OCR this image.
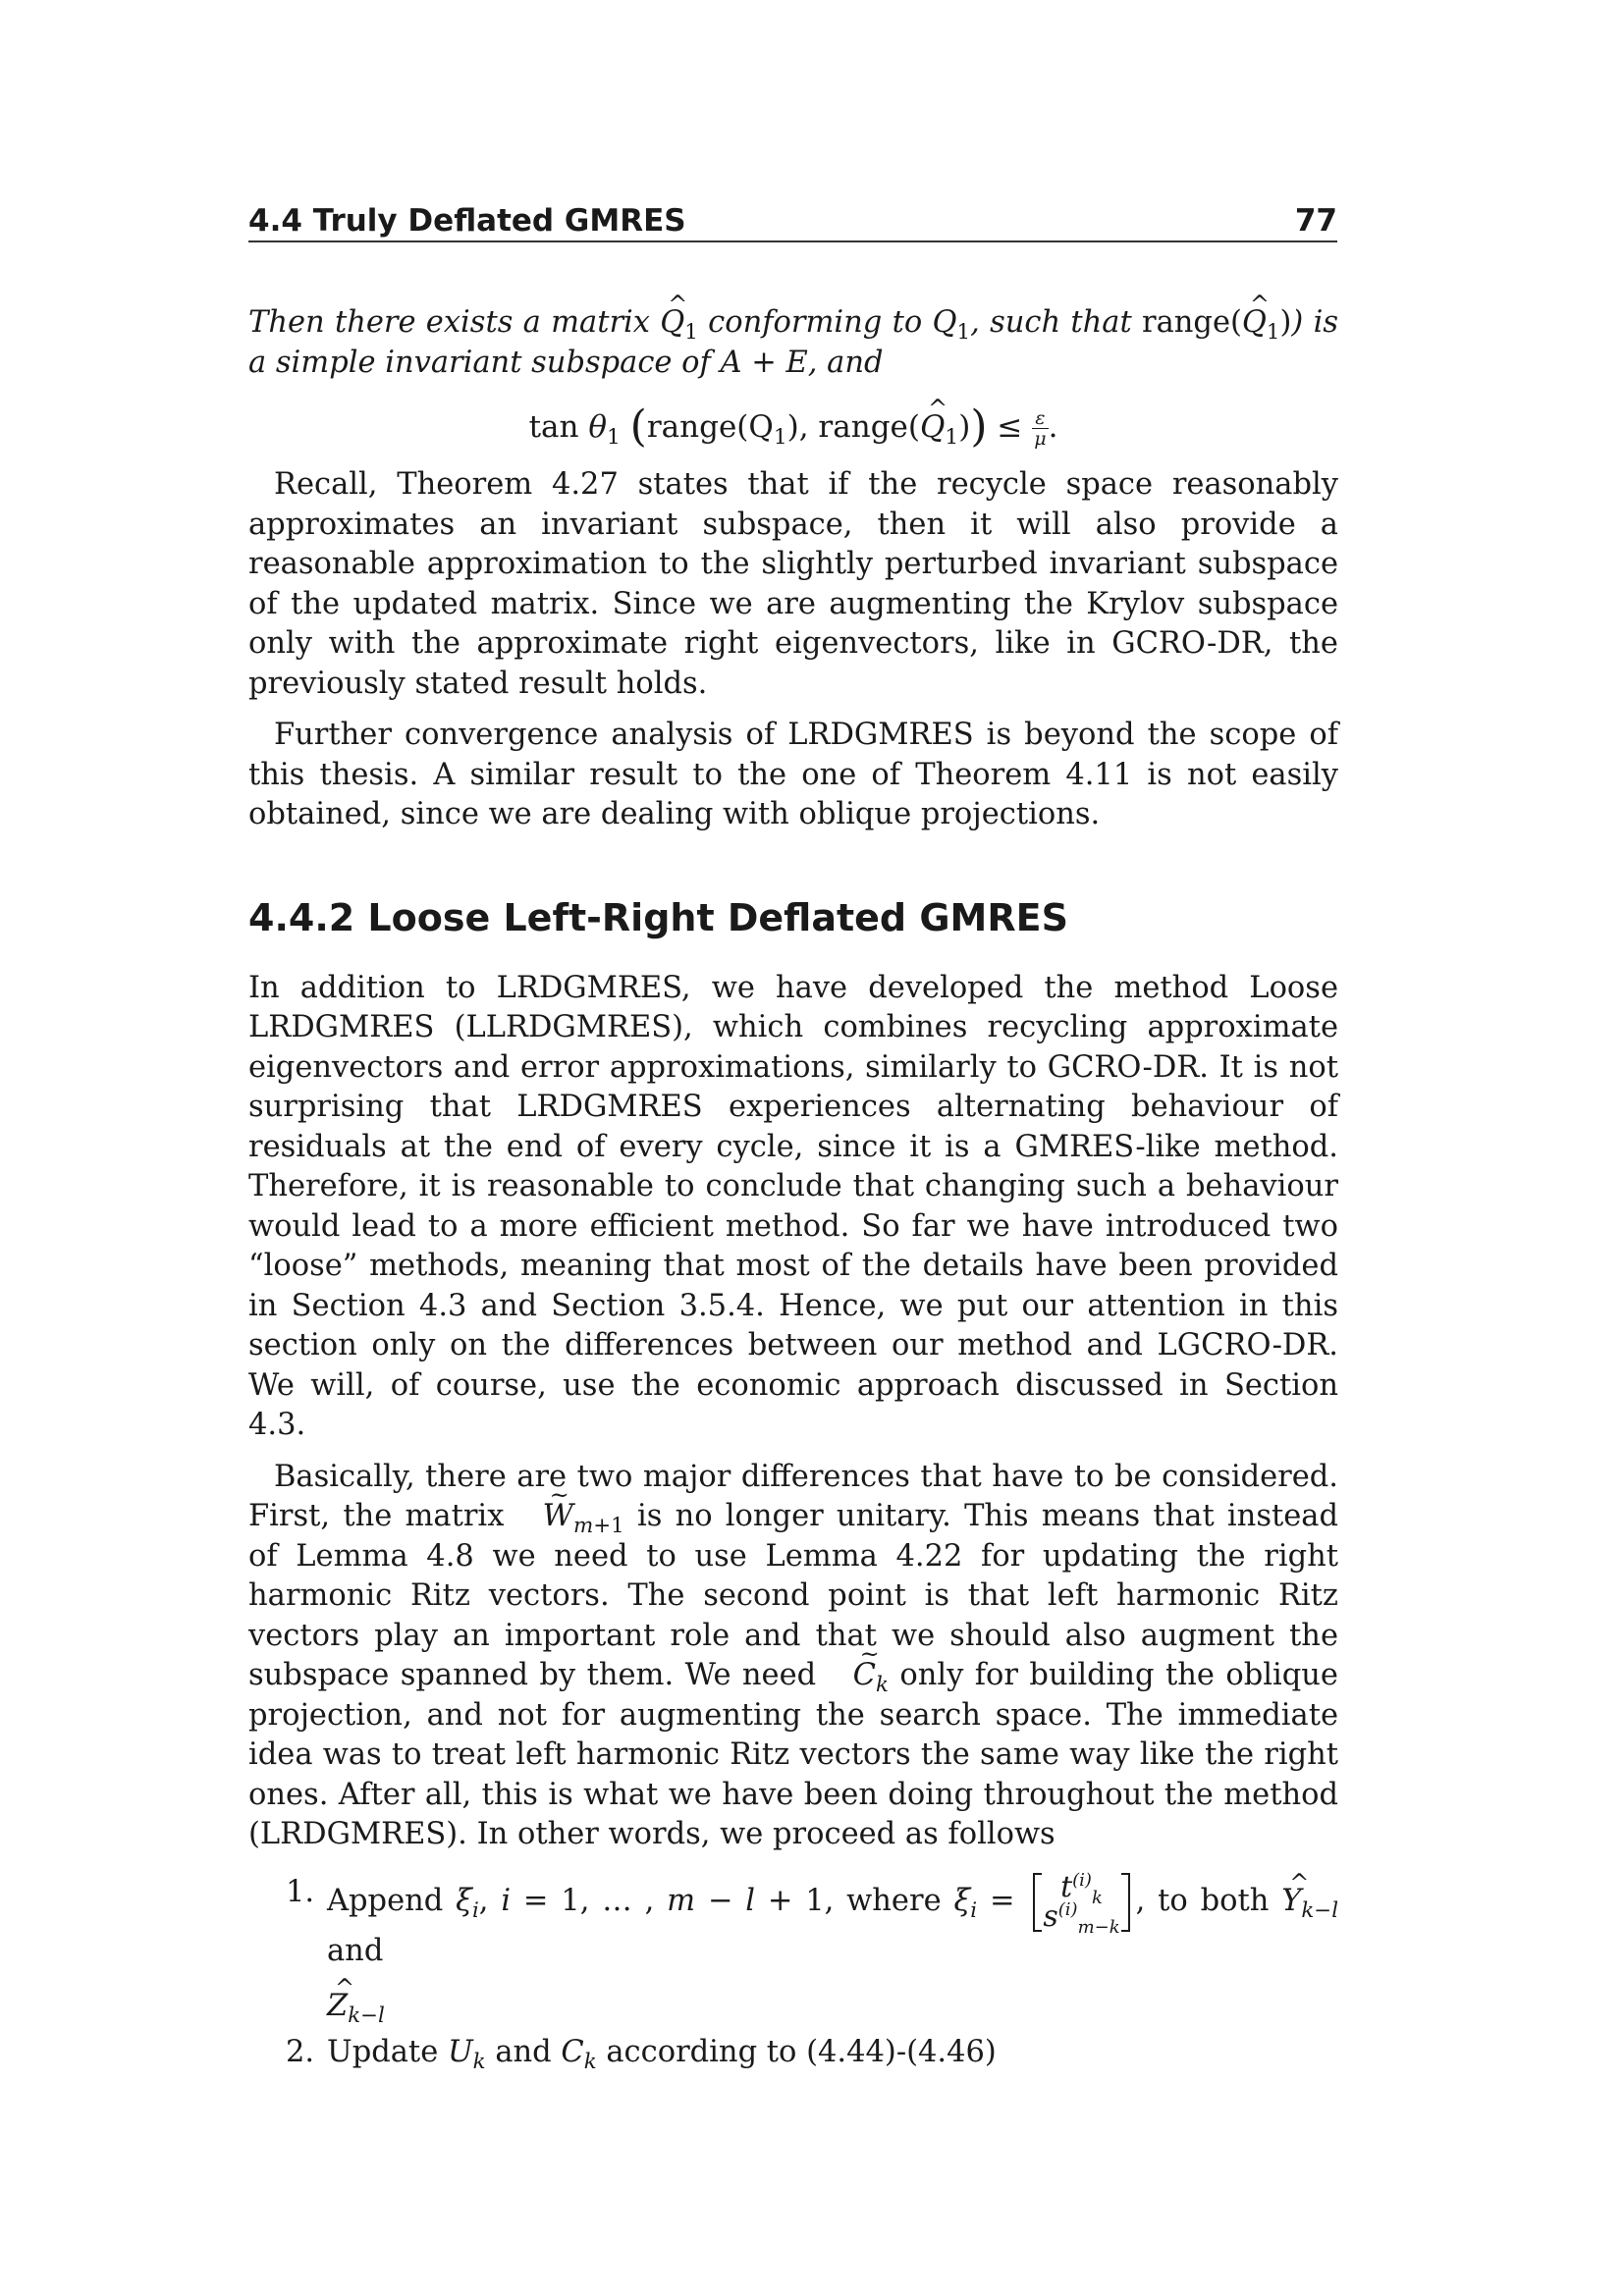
4.4 Truly Deflated GMRES	77

Then there exists a matrix ^ $Q_1$ conforming to $Q_1$, such that range(^ $Q_1$)) is a simple invariant subspace of A + E, and

$\tan \theta_1$ ($range(Q_1)$, range(^ $Q_1)) \le \frac{\varepsilon}{\mu}$ .

Recall, Theorem 4.27 states that if the recycle space reasonably approximates an invariant subspace, then it will also provide a reasonable approximation to the slightly perturbed invariant subspace of the updated matrix. Since we are augmenting the Krylov subspace only with the approximate right eigenvectors, like in GCRO-DR, the previously stated result holds.

Further convergence analysis of LRDGMRES is beyond the scope of this thesis. A similar result to the one of Theorem 4.11 is not easily obtained, since we are dealing with oblique projections.

4.4.2 Loose Left-Right Deflated GMRES

In addition to LRDGMRES, we have developed the method Loose LRDGMRES (LLRDGMRES), which combines recycling approximate eigenvectors and error approximations, similarly to GCRO-DR. It is not surprising that LRDGMRES experiences alternating behaviour of residuals at the end of every cycle, since it is a GMRES-like method. Therefore, it is reasonable to conclude that changing such a behaviour would lead to a more efficient method. So far we have introduced two “loose” methods, meaning that most of the details have been provided in Section 4.3 and Section 3.5.4. Hence, we put our attention in this section only on the differences between our method and LGCRO-DR. We will, of course, use the economic approach discussed in Section 4.3.

Basically, there are two major differences that have to be considered. First, the matrix ~ $W_{m+1}$ is no longer unitary. This means that instead of Lemma 4.8 we need to use Lemma 4.22 for updating the right harmonic Ritz vectors. The second point is that left harmonic Ritz vectors play an important role and that we should also augment the subspace spanned by them. We need ~ $C_k$ only for building the oblique projection, and not for augmenting the search space. The immediate idea was to treat left harmonic Ritz vectors the same way like the right ones. After all, this is what we have been doing throughout the method (LRDGMRES). In other words, we proceed as follows

1. Append $\xi_i$, i = 1, … , m − l + 1, where $\xi_i$ =	$t^{(i)}_k$
$s^{(i)}_{m-k}$
, to both ^ $Y_{k-l}$ and
^ $Z_{k-l}$
2. Update $U_k$ and $C_k$ according to (4.44)-(4.46)
